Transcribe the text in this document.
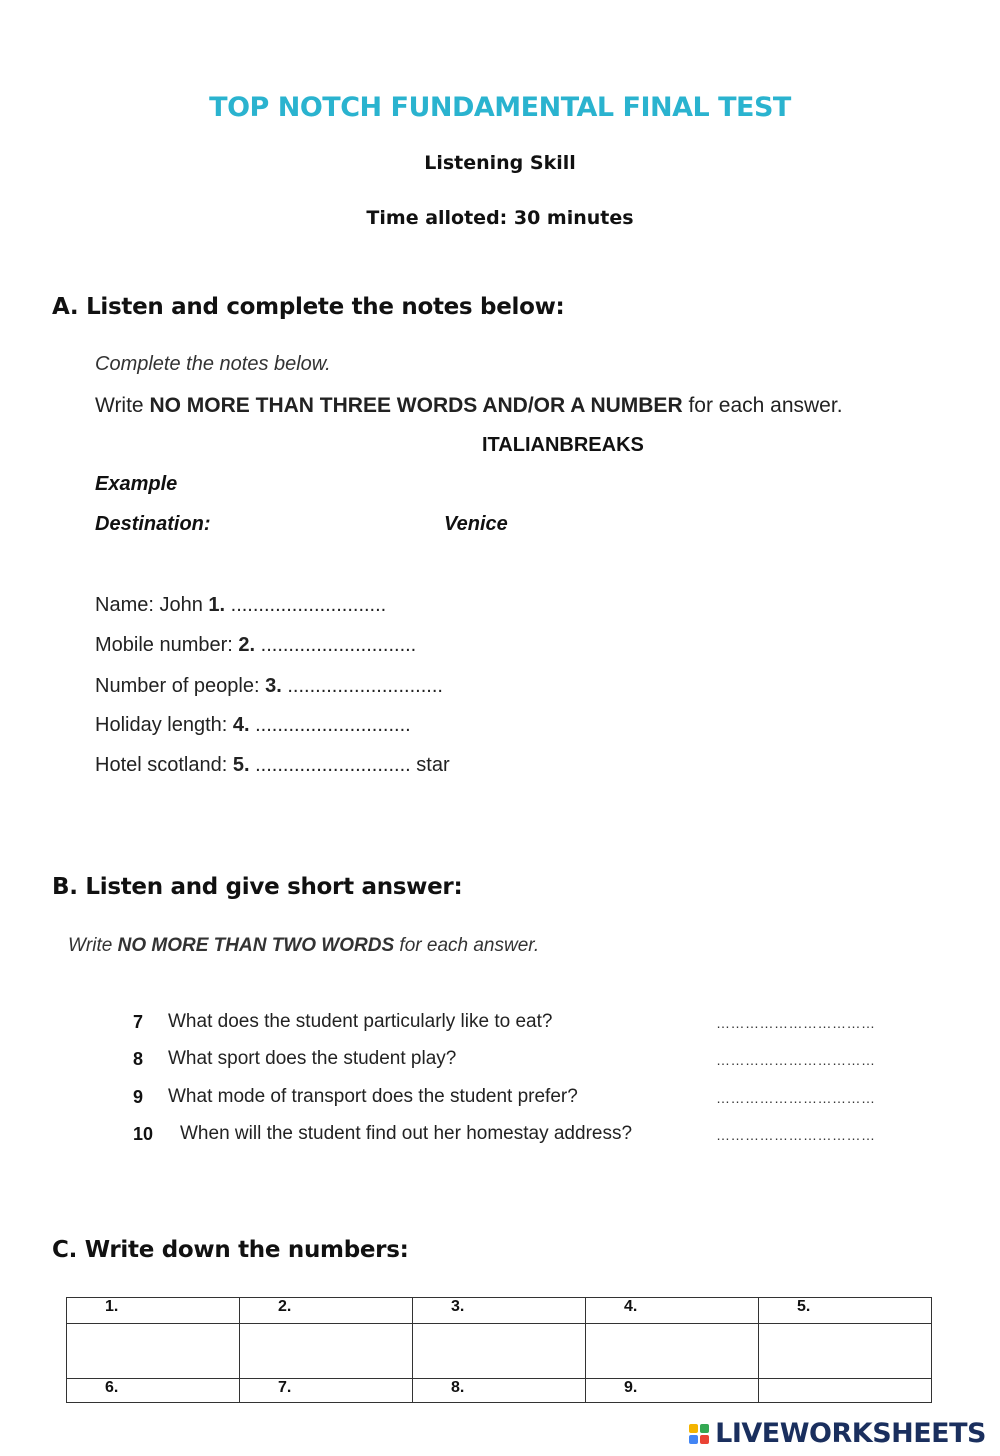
TOP NOTCH FUNDAMENTAL FINAL TEST
Listening Skill
Time alloted: 30 minutes
A. Listen and complete the notes below:
Complete the notes below.
Write NO MORE THAN THREE WORDS AND/OR A NUMBER for each answer.
ITALIANBREAKS
Example
Destination:	Venice
Name: John 1. ............................
Mobile number: 2. ............................
Number of people: 3. ............................
Holiday length: 4. ............................
Hotel scotland: 5. ............................ star
B. Listen and give short answer:
Write NO MORE THAN TWO WORDS for each answer.
7 What does the student particularly like to eat?	……………………………
8 What sport does the student play?	……………………………
9 What mode of transport does the student prefer?	……………………………
10 When will the student find out her homestay address?	……………………………
C. Write down the numbers:
1.	2.	3.	4.	5.

6.	7.	8.	9.	
LIVEWORKSHEETS
